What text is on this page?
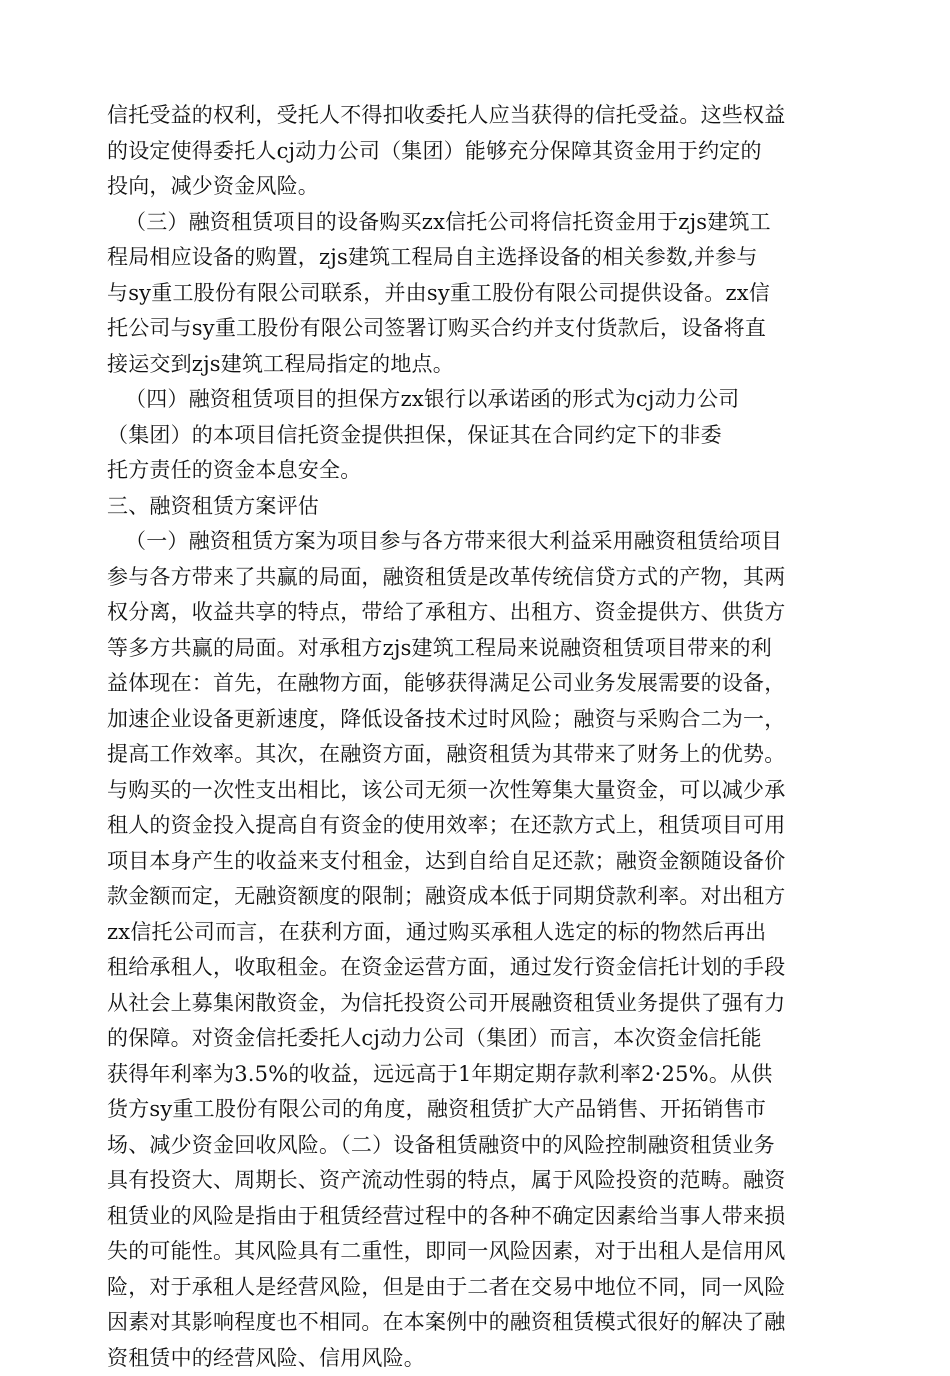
信托受益的权利，受托人不得扣收委托人应当获得的信托受益。这些权益
的设定使得委托人cj动力公司（集团）能够充分保障其资金用于约定的
投向，减少资金风险。
（三）融资租赁项目的设备购买zx信托公司将信托资金用于zjs建筑工
程局相应设备的购置，zjs建筑工程局自主选择设备的相关参数,并参与
与sy重工股份有限公司联系，并由sy重工股份有限公司提供设备。zx信
托公司与sy重工股份有限公司签署订购买合约并支付货款后，设备将直
接运交到zjs建筑工程局指定的地点。
（四）融资租赁项目的担保方zx银行以承诺函的形式为cj动力公司
（集团）的本项目信托资金提供担保，保证其在合同约定下的非委
托方责任的资金本息安全。
三、融资租赁方案评估
（一）融资租赁方案为项目参与各方带来很大利益采用融资租赁给项目
参与各方带来了共赢的局面，融资租赁是改革传统信贷方式的产物，其两
权分离，收益共享的特点，带给了承租方、出租方、资金提供方、供货方
等多方共赢的局面。对承租方zjs建筑工程局来说融资租赁项目带来的利
益体现在：首先，在融物方面，能够获得满足公司业务发展需要的设备，
加速企业设备更新速度，降低设备技术过时风险；融资与采购合二为一，
提高工作效率。其次，在融资方面，融资租赁为其带来了财务上的优势。
与购买的一次性支出相比，该公司无须一次性筹集大量资金，可以减少承
租人的资金投入提高自有资金的使用效率；在还款方式上，租赁项目可用
项目本身产生的收益来支付租金，达到自给自足还款；融资金额随设备价
款金额而定，无融资额度的限制；融资成本低于同期贷款利率。对出租方
zx信托公司而言，在获利方面，通过购买承租人选定的标的物然后再出
租给承租人，收取租金。在资金运营方面，通过发行资金信托计划的手段
从社会上募集闲散资金，为信托投资公司开展融资租赁业务提供了强有力
的保障。对资金信托委托人cj动力公司（集团）而言，本次资金信托能
获得年利率为3.5%的收益，远远高于1年期定期存款利率2·25%。从供
货方sy重工股份有限公司的角度，融资租赁扩大产品销售、开拓销售市
场、减少资金回收风险。（二）设备租赁融资中的风险控制融资租赁业务
具有投资大、周期长、资产流动性弱的特点，属于风险投资的范畴。融资
租赁业的风险是指由于租赁经营过程中的各种不确定因素给当事人带来损
失的可能性。其风险具有二重性，即同一风险因素，对于出租人是信用风
险，对于承租人是经营风险，但是由于二者在交易中地位不同，同一风险
因素对其影响程度也不相同。在本案例中的融资租赁模式很好的解决了融
资租赁中的经营风险、信用风险。
